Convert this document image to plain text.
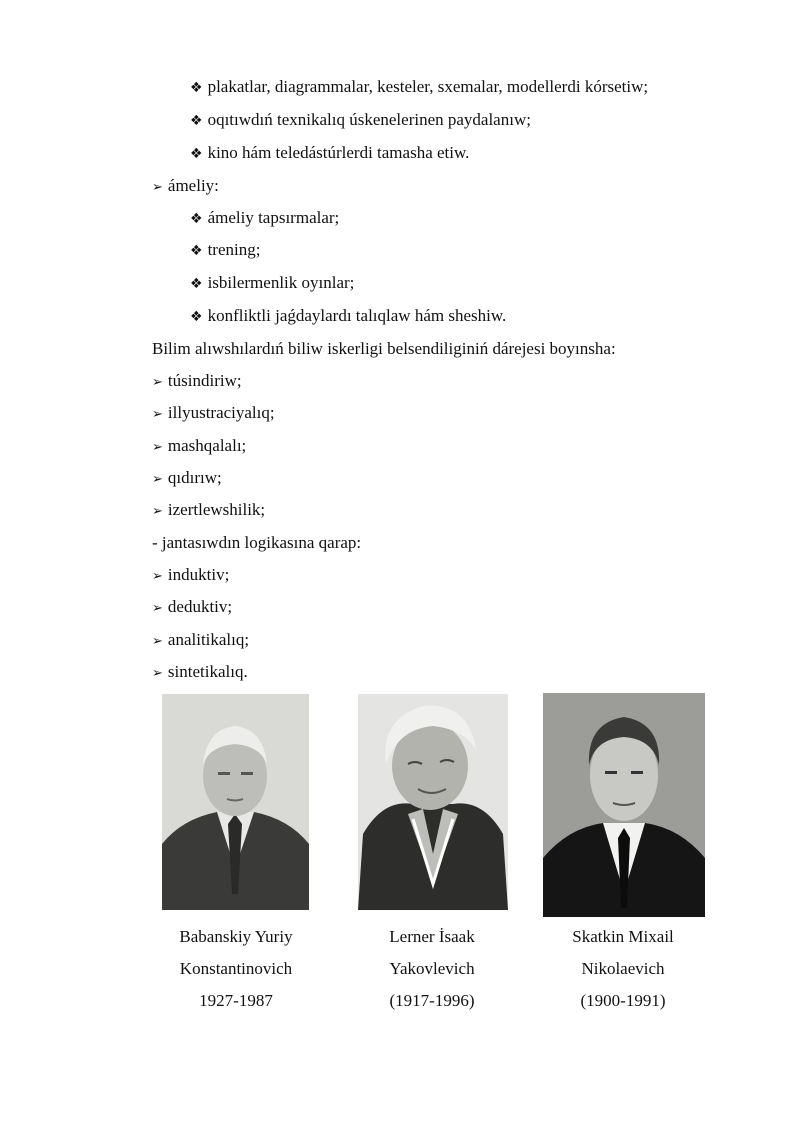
❖ plakatlar, diagrammalar, kesteler, sxemalar, modellerdi kórsetiw;
❖ oqıtıwdıń texnikalıq úskenelerinen paydalanıw;
❖ kino hám teledástúrlerdi tamasha etiw.
➢ ámeliy:
❖ ámeliy tapsırmalar;
❖ trening;
❖ isbilermenlik oyınlar;
❖ konfliktli jaǵdaylardı talıqlaw hám sheshiw.
Bilim alıwshılardıń biliw iskerligi belsendiliginiń dárejesi boyınsha:
➢ túsindiriw;
➢ illyustraciyalıq;
➢ mashqalalı;
➢ qıdırıw;
➢ izertlewshilik;
- jantasıwdın logikasına qarap:
➢ induktiv;
➢ deduktiv;
➢ analitikalıq;
➢ sintetikalıq.
Babanskiy Yuriy
Konstantinovich
1927-1987
Lerner İsaak
Yakovlevich
(1917-1996)
Skatkin Mixail
Nikolaevich
(1900-1991)
